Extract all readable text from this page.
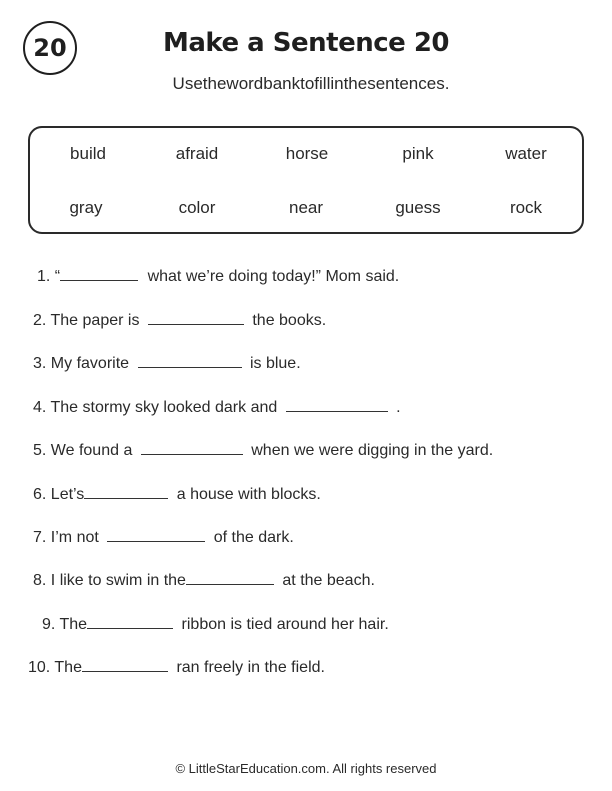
20	Make a Sentence 20
Usethewordbanktofillinthesentences.
build	afraid	horse	pink	water
gray	color	near	guess	rock
1. “	what we’re doing today!” Mom said.
2. The paper is	the books.
3. My favorite	is blue.
4. The stormy sky looked dark and	.
5. We found a	when we were digging in the yard.
6. Let’s	a house with blocks.
7. I’m not	of the dark.
8. I like to swim in the	at the beach.
9. The	ribbon is tied around her hair.
10. The	ran freely in the field.
© LittleStarEducation.com. All rights reserved
